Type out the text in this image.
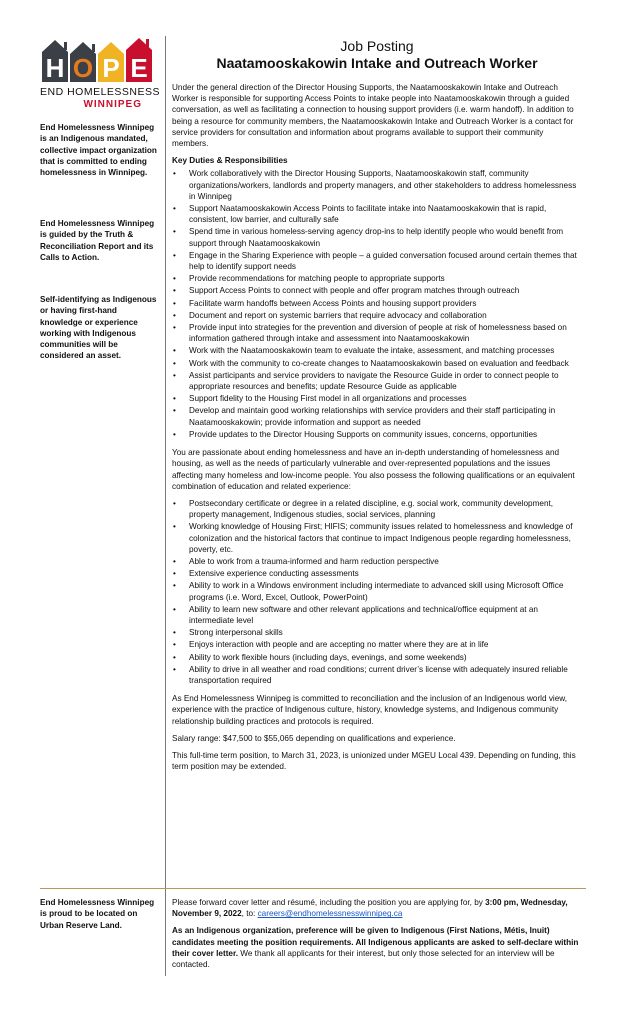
H O P E
END HOMELESSNESS
WINNIPEG

End Homelessness Winnipeg is an Indigenous mandated, collective impact organization that is committed to ending homelessness in Winnipeg.

End Homelessness Winnipeg is guided by the Truth & Reconciliation Report and its Calls to Action.

Self-identifying as Indigenous or having first-hand knowledge or experience working with Indigenous communities will be considered an asset.

End Homelessness Winnipeg is proud to be located on Urban Reserve Land.

Job Posting
Naatamooskakowin Intake and Outreach Worker

Under the general direction of the Director Housing Supports, the Naatamooskakowin Intake and Outreach Worker is responsible for supporting Access Points to intake people into Naatamooskakowin through a guided conversation, as well as facilitating a connection to housing support providers (i.e. warm handoff). In addition to being a resource for community members, the Naatamooskakowin Intake and Outreach Worker is a contact for service providers for consultation and information about programs available to support their community members.

Key Duties & Responsibilities

• Work collaboratively with the Director Housing Supports, Naatamooskakowin staff, community organizations/workers, landlords and property managers, and other stakeholders to address homelessness in Winnipeg
• Support Naatamooskakowin Access Points to facilitate intake into Naatamooskakowin that is rapid, consistent, low barrier, and culturally safe
• Spend time in various homeless-serving agency drop-ins to help identify people who would benefit from support through Naatamooskakowin
• Engage in the Sharing Experience with people – a guided conversation focused around certain themes that help to identify support needs
• Provide recommendations for matching people to appropriate supports
• Support Access Points to connect with people and offer program matches through outreach
• Facilitate warm handoffs between Access Points and housing support providers
• Document and report on systemic barriers that require advocacy and collaboration
• Provide input into strategies for the prevention and diversion of people at risk of homelessness based on information gathered through intake and assessment into Naatamooskakowin
• Work with the Naatamooskakowin team to evaluate the intake, assessment, and matching processes
• Work with the community to co-create changes to Naatamooskakowin based on evaluation and feedback
• Assist participants and service providers to navigate the Resource Guide in order to connect people to appropriate resources and benefits; update Resource Guide as applicable
• Support fidelity to the Housing First model in all organizations and processes
• Develop and maintain good working relationships with service providers and their staff participating in Naatamooskakowin; provide information and support as needed
• Provide updates to the Director Housing Supports on community issues, concerns, opportunities

You are passionate about ending homelessness and have an in-depth understanding of homelessness and housing, as well as the needs of particularly vulnerable and over-represented populations and the issues affecting many homeless and low-income people. You also possess the following qualifications or an equivalent combination of education and related experience:

• Postsecondary certificate or degree in a related discipline, e.g. social work, community development, property management, Indigenous studies, social services, planning
• Working knowledge of Housing First; HIFIS; community issues related to homelessness and knowledge of colonization and the historical factors that continue to impact Indigenous people regarding homelessness, poverty, etc.
• Able to work from a trauma-informed and harm reduction perspective
• Extensive experience conducting assessments
• Ability to work in a Windows environment including intermediate to advanced skill using Microsoft Office programs (i.e. Word, Excel, Outlook, PowerPoint)
• Ability to learn new software and other relevant applications and technical/office equipment at an intermediate level
• Strong interpersonal skills
• Enjoys interaction with people and are accepting no matter where they are at in life
• Ability to work flexible hours (including days, evenings, and some weekends)
• Ability to drive in all weather and road conditions; current driver’s license with adequately insured reliable transportation required

As End Homelessness Winnipeg is committed to reconciliation and the inclusion of an Indigenous world view, experience with the practice of Indigenous culture, history, knowledge systems, and Indigenous community relationship building practices and protocols is required.

Salary range: $47,500 to $55,065 depending on qualifications and experience.

This full-time term position, to March 31, 2023, is unionized under MGEU Local 439. Depending on funding, this term position may be extended.

Please forward cover letter and résumé, including the position you are applying for, by 3:00 pm, Wednesday, November 9, 2022, to: careers@endhomelessnesswinnipeg.ca

As an Indigenous organization, preference will be given to Indigenous (First Nations, Métis, Inuit) candidates meeting the position requirements. All Indigenous applicants are asked to self-declare within their cover letter. We thank all applicants for their interest, but only those selected for an interview will be contacted.
